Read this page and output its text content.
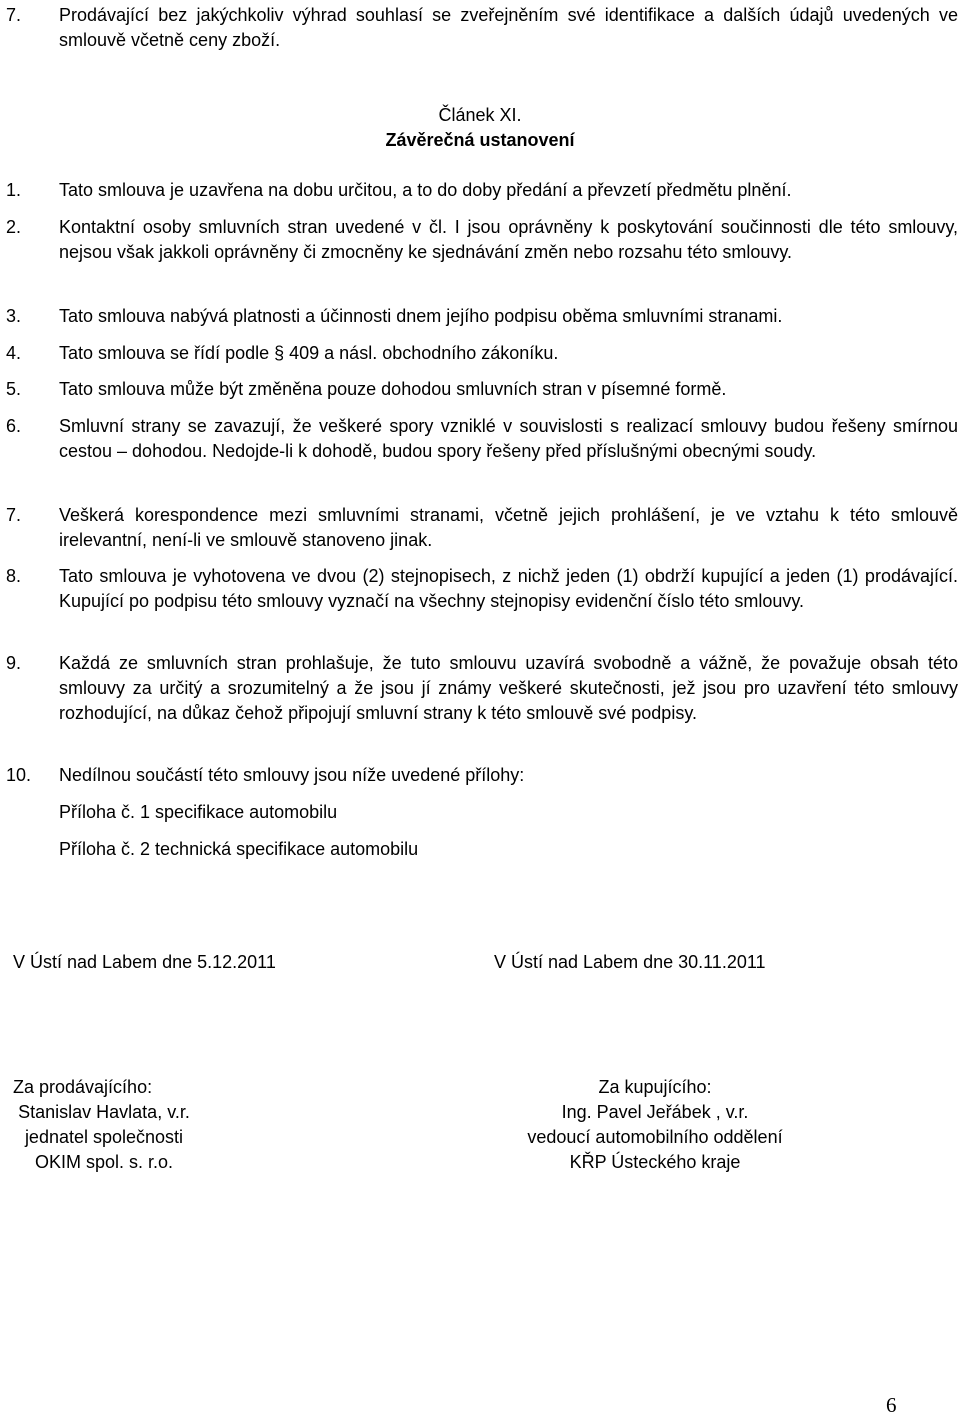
7. Prodávající bez jakýchkoliv výhrad souhlasí se zveřejněním své identifikace a dalších údajů uvedených ve smlouvě včetně ceny zboží.
Článek XI.
Závěrečná ustanovení
1. Tato smlouva je uzavřena na dobu určitou, a to do doby předání a převzetí předmětu plnění.
2. Kontaktní osoby smluvních stran uvedené v čl. I jsou oprávněny k poskytování součinnosti dle této smlouvy, nejsou však jakkoli oprávněny či zmocněny ke sjednávání změn nebo rozsahu této smlouvy.
3. Tato smlouva nabývá platnosti a účinnosti dnem jejího podpisu oběma smluvními stranami.
4. Tato smlouva se řídí podle § 409 a násl. obchodního zákoníku.
5. Tato smlouva může být změněna pouze dohodou smluvních stran v písemné formě.
6. Smluvní strany se zavazují, že veškeré spory vzniklé v souvislosti s realizací smlouvy budou řešeny smírnou cestou – dohodou. Nedojde-li k dohodě, budou spory řešeny před příslušnými obecnými soudy.
7. Veškerá korespondence mezi smluvními stranami, včetně jejich prohlášení, je ve vztahu k této smlouvě irelevantní, není-li ve smlouvě stanoveno jinak.
8. Tato smlouva je vyhotovena ve dvou (2) stejnopisech, z nichž jeden (1) obdrží kupující a jeden (1) prodávající. Kupující po podpisu této smlouvy vyznačí na všechny stejnopisy evidenční číslo této smlouvy.
9. Každá ze smluvních stran prohlašuje, že tuto smlouvu uzavírá svobodně a vážně, že považuje obsah této smlouvy za určitý a srozumitelný a že jsou jí známy veškeré skutečnosti, jež jsou pro uzavření této smlouvy rozhodující, na důkaz čehož připojují smluvní strany k této smlouvě své podpisy.
10. Nedílnou součástí této smlouvy jsou níže uvedené přílohy:
Příloha č. 1 specifikace automobilu
Příloha č. 2 technická specifikace automobilu
V Ústí nad Labem dne 5.12.2011	V Ústí nad Labem dne 30.11.2011
Za prodávajícího:
Stanislav Havlata, v.r.
jednatel společnosti
OKIM spol. s. r.o.
Za kupujícího:
Ing. Pavel Jeřábek , v.r.
vedoucí automobilního oddělení
KŘP Ústeckého kraje
6
